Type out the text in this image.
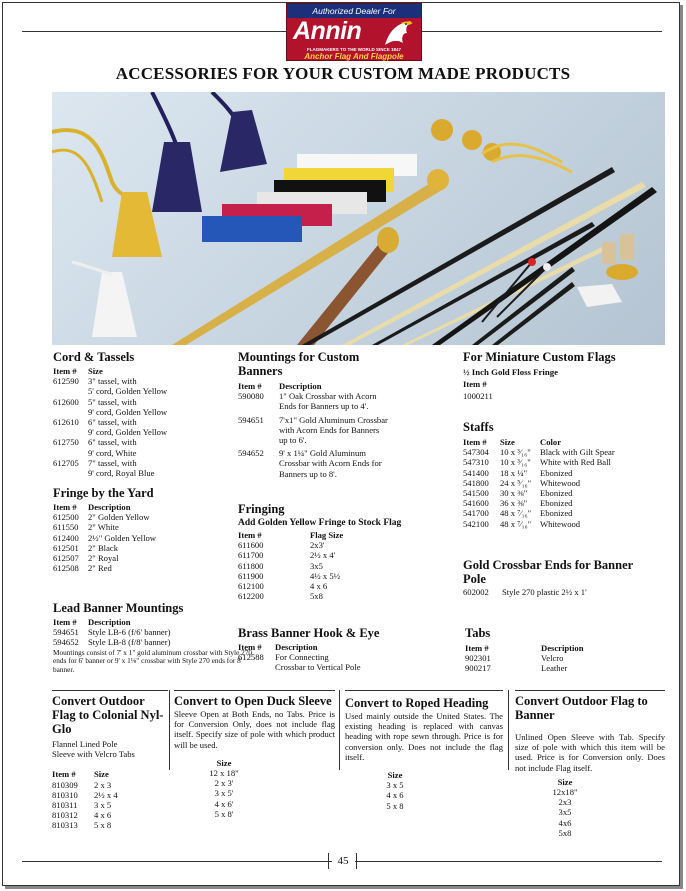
Authorized Dealer For
Annin
FLAGMAKERS TO THE WORLD SINCE 1847
Anchor Flag And Flagpole
ACCESSORIES FOR YOUR CUSTOM MADE PRODUCTS
Cord & Tassels
Item #	Size
612590	3" tassel, with
5' cord, Golden Yellow
612600	5" tassel, with
9' cord, Golden Yellow
612610	6" tassel, with
9' cord, Golden Yellow
612750	6" tassel, with
9' cord, White
612705	7" tassel, with
9' cord, Royal Blue
Fringe by the Yard
Item #	Description
612500	2" Golden Yellow
611550	2" White
612400	2½" Golden Yellow
612501	2" Black
612507	2" Royal
612508	2" Red
Lead Banner Mountings
Item #	Description
594651	Style LB-6 (f/6' banner)
594652	Style LB-8 (f/8' banner)
Mountings consist of 7' x 1" gold aluminum crossbar with Style 270 ends for 6' banner or 9' x 1⅛" crossbar with Style 270 ends for 8' banner.
Mountings for Custom Banners
Item #	Description
590080	1" Oak Crossbar with Acorn
Ends for Banners up to 4'.
594651	7'x1" Gold Aluminum Crossbar
with Acorn Ends for Banners
up to 6'.
594652	9' x 1¼" Gold Aluminum
Crossbar with Acorn Ends for
Banners up to 8'.
Fringing
Add Golden Yellow Fringe to Stock Flag
Item #	Flag Size
611600	2x3'
611700	2½ x 4'
611800	3x5
611900	4½ x 5½
612100	4 x 6
612200	5x8
Brass Banner Hook & Eye
Item #	Description
612588	For Connecting
Crossbar to Vertical Pole
For Miniature Custom Flags
½ Inch Gold Floss Fringe
Item #
1000211
Staffs
Item #	Size	Color
547304	10 x ³⁄₁₆"	Black with Gilt Spear
547310	10 x ³⁄₁₆"	White with Red Ball
541400	18 x ¼"	Ebonized
541800	24 x ⁵⁄₁₆"	Whitewood
541500	30 x ⅜"	Ebonized
541600	36 x ⅜"	Ebonized
541700	48 x ⁷⁄₁₆"	Ebonized
542100	48 x ⁷⁄₁₆"	Whitewood
Gold Crossbar Ends for Banner Pole
602002	Style 270 plastic 2½ x 1'
Tabs
Item #	Description
902301	Velcro
900217	Leather
Convert Outdoor Flag to Colonial Nyl-Glo
Flannel Lined Pole
Sleeve with Velcro Tabs
Item #	Size
810309	2 x 3
810310	2½ x 4
810311	3 x 5
810312	4 x 6
810313	5 x 8
Convert to Open Duck Sleeve
Sleeve Open at Both Ends, no Tabs. Price is for Conversion Only, does not include flag itself. Specify size of pole with which product will be used.
Size
12 x 18"
2 x 3'
3 x 5'
4 x 6'
5 x 8'
Convert to Roped Heading
Used mainly outside the United States. The existing heading is replaced with canvas heading with rope sewn through. Price is for conversion only. Does not include the flag itself.
Size
3 x 5
4 x 6
5 x 8
Convert Outdoor Flag to Banner
Unlined Open Sleeve with Tab. Specify size of pole with which this item will be used. Price is for Conversion only. Does not include Flag itself.
Size
12x18"
2x3
3x5
4x6
5x8
45
